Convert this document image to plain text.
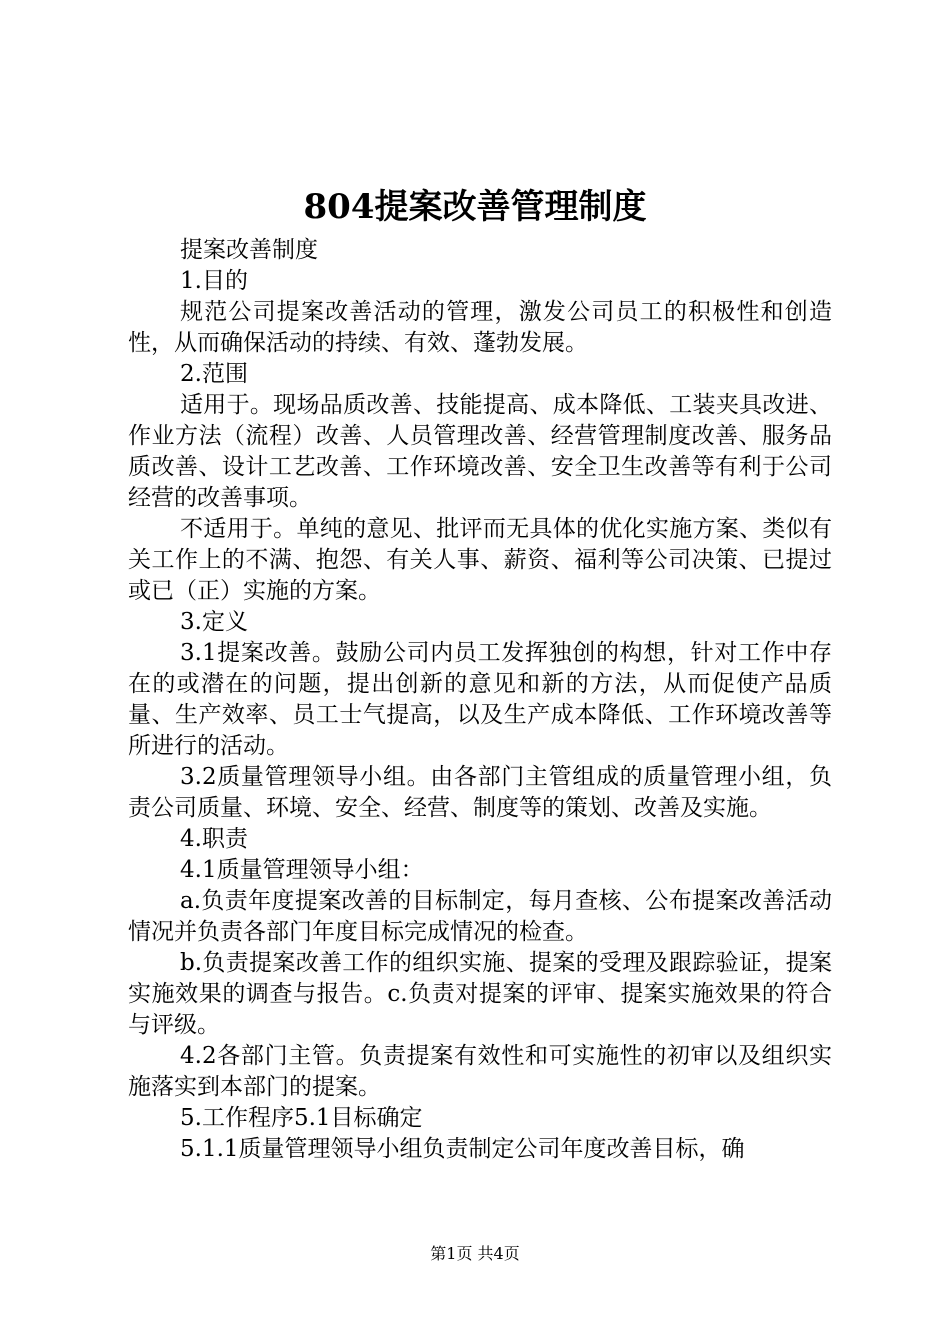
804提案改善管理制度

提案改善制度

1.目的

规范公司提案改善活动的管理，激发公司员工的积极性和创造性，从而确保活动的持续、有效、蓬勃发展。

2.范围

适用于。现场品质改善、技能提高、成本降低、工装夹具改进、作业方法（流程）改善、人员管理改善、经营管理制度改善、服务品质改善、设计工艺改善、工作环境改善、安全卫生改善等有利于公司经营的改善事项。

不适用于。单纯的意见、批评而无具体的优化实施方案、类似有关工作上的不满、抱怨、有关人事、薪资、福利等公司决策、已提过或已（正）实施的方案。

3.定义

3.1提案改善。鼓励公司内员工发挥独创的构想，针对工作中存在的或潜在的问题，提出创新的意见和新的方法，从而促使产品质量、生产效率、员工士气提高，以及生产成本降低、工作环境改善等所进行的活动。

3.2质量管理领导小组。由各部门主管组成的质量管理小组，负责公司质量、环境、安全、经营、制度等的策划、改善及实施。

4.职责

4.1质量管理领导小组：

a.负责年度提案改善的目标制定，每月查核、公布提案改善活动情况并负责各部门年度目标完成情况的检查。

b.负责提案改善工作的组织实施、提案的受理及跟踪验证，提案实施效果的调查与报告。c.负责对提案的评审、提案实施效果的符合与评级。

4.2各部门主管。负责提案有效性和可实施性的初审以及组织实施落实到本部门的提案。

5.工作程序5.1目标确定

5.1.1质量管理领导小组负责制定公司年度改善目标，确

第1页 共4页
